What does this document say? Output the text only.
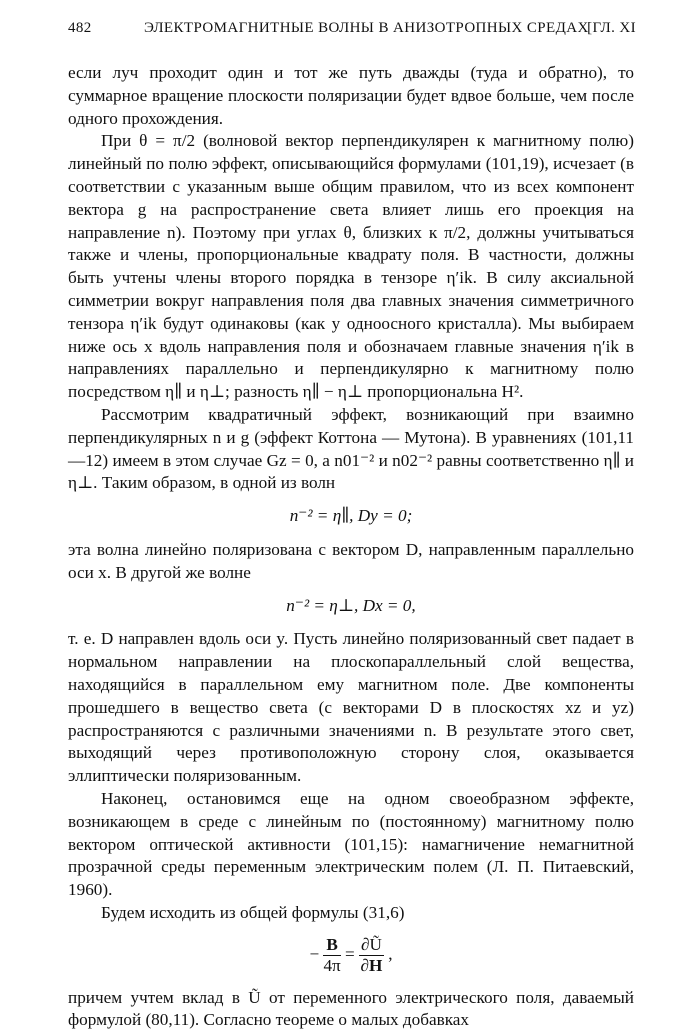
482	ЭЛЕКТРОМАГНИТНЫЕ ВОЛНЫ В АНИЗОТРОПНЫХ СРЕДАХ
[ГЛ. XI

если луч проходит один и тот же путь дважды (туда и обратно), то суммарное вращение плоскости поляризации будет вдвое больше, чем после одного прохождения.

При θ = π/2 (волновой вектор перпендикулярен к магнитному полю) линейный по полю эффект, описывающийся формулами (101,19), исчезает (в соответствии с указанным выше общим правилом, что из всех компонент вектора g на распространение света влияет лишь его проекция на направление n). Поэтому при углах θ, близких к π/2, должны учитываться также и члены, пропорциональные квадрату поля. В частности, должны быть учтены члены второго порядка в тензоре η′ik. В силу аксиальной симметрии вокруг направления поля два главных значения симметричного тензора η′ik будут одинаковы (как у одноосного кристалла). Мы выбираем ниже ось x вдоль направления поля и обозначаем главные значения η′ik в направлениях параллельно и перпендикулярно к магнитному полю посредством η∥ и η⊥; разность η∥ − η⊥ пропорциональна H².

Рассмотрим квадратичный эффект, возникающий при взаимно перпендикулярных n и g (эффект Коттона — Мутона). В уравнениях (101,11—12) имеем в этом случае Gz = 0, а n01⁻² и n02⁻² равны соответственно η∥ и η⊥. Таким образом, в одной из волн

n⁻² = η∥, Dy = 0;

эта волна линейно поляризована с вектором D, направленным параллельно оси x. В другой же волне

n⁻² = η⊥, Dx = 0,

т. е. D направлен вдоль оси y. Пусть линейно поляризованный свет падает в нормальном направлении на плоскопараллельный слой вещества, находящийся в параллельном ему магнитном поле. Две компоненты прошедшего в вещество света (с векторами D в плоскостях xz и yz) распространяются с различными значениями n. В результате этого свет, выходящий через противоположную сторону слоя, оказывается эллиптически поляризованным.

Наконец, остановимся еще на одном своеобразном эффекте, возникающем в среде с линейным по (постоянному) магнитному полю вектором оптической активности (101,15): намагничение немагнитной прозрачной среды переменным электрическим полем (Л. П. Питаевский, 1960).

Будем исходить из общей формулы (31,6)

− $\frac{B}{4\pi} = \frac{\partial Ũ}{\partial H}$ ,

причем учтем вклад в Ũ от переменного электрического поля, даваемый формулой (80,11). Согласно теореме о малых добавках
